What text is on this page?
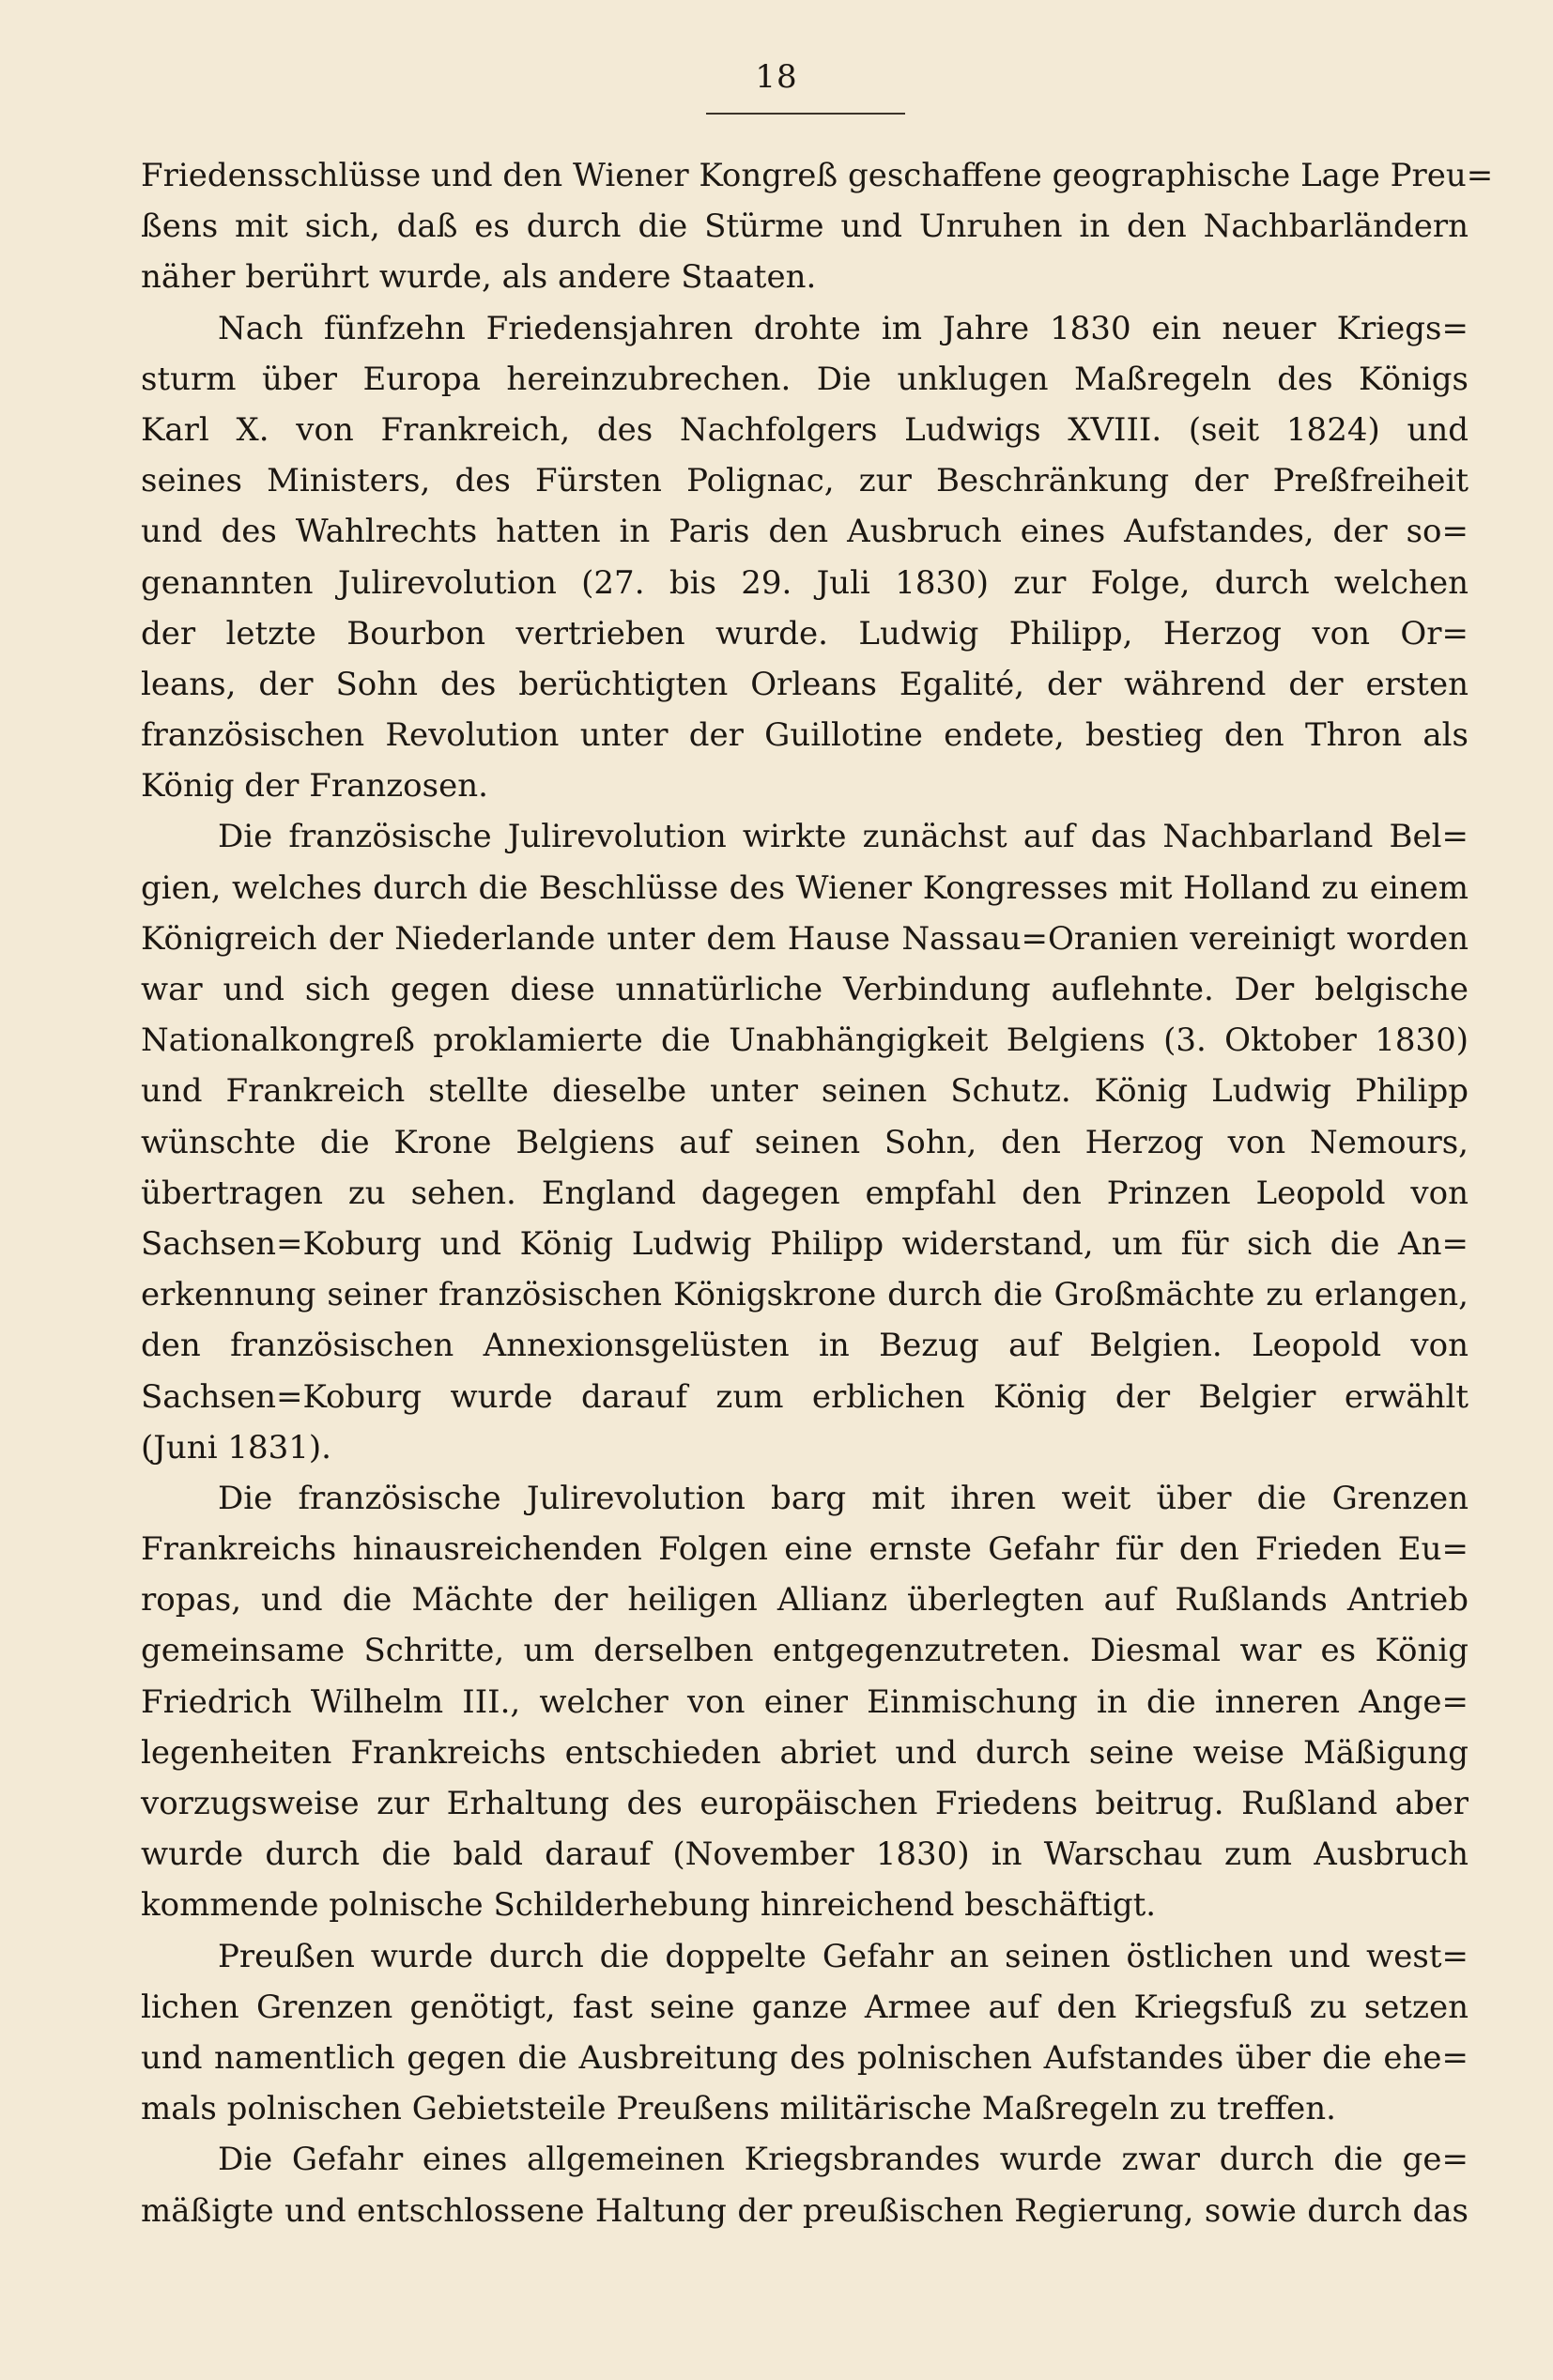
18
Friedensschlüsse und den Wiener Kongreß geschaffene geographische Lage Preu=
ßens mit sich, daß es durch die Stürme und Unruhen in den Nachbarländern
näher berührt wurde, als andere Staaten.
Nach fünfzehn Friedensjahren drohte im Jahre 1830 ein neuer Kriegs=
sturm über Europa hereinzubrechen. Die unklugen Maßregeln des Königs
Karl X. von Frankreich, des Nachfolgers Ludwigs XVIII. (seit 1824) und
seines Ministers, des Fürsten Polignac, zur Beschränkung der Preßfreiheit
und des Wahlrechts hatten in Paris den Ausbruch eines Aufstandes, der so=
genannten Julirevolution (27. bis 29. Juli 1830) zur Folge, durch welchen
der letzte Bourbon vertrieben wurde. Ludwig Philipp, Herzog von Or=
leans, der Sohn des berüchtigten Orleans Egalité, der während der ersten
französischen Revolution unter der Guillotine endete, bestieg den Thron als
König der Franzosen.
Die französische Julirevolution wirkte zunächst auf das Nachbarland Bel=
gien, welches durch die Beschlüsse des Wiener Kongresses mit Holland zu einem
Königreich der Niederlande unter dem Hause Nassau=Oranien vereinigt worden
war und sich gegen diese unnatürliche Verbindung auflehnte. Der belgische
Nationalkongreß proklamierte die Unabhängigkeit Belgiens (3. Oktober 1830)
und Frankreich stellte dieselbe unter seinen Schutz. König Ludwig Philipp
wünschte die Krone Belgiens auf seinen Sohn, den Herzog von Nemours,
übertragen zu sehen. England dagegen empfahl den Prinzen Leopold von
Sachsen=Koburg und König Ludwig Philipp widerstand, um für sich die An=
erkennung seiner französischen Königskrone durch die Großmächte zu erlangen,
den französischen Annexionsgelüsten in Bezug auf Belgien. Leopold von
Sachsen=Koburg wurde darauf zum erblichen König der Belgier erwählt
(Juni 1831).
Die französische Julirevolution barg mit ihren weit über die Grenzen
Frankreichs hinausreichenden Folgen eine ernste Gefahr für den Frieden Eu=
ropas, und die Mächte der heiligen Allianz überlegten auf Rußlands Antrieb
gemeinsame Schritte, um derselben entgegenzutreten. Diesmal war es König
Friedrich Wilhelm III., welcher von einer Einmischung in die inneren Ange=
legenheiten Frankreichs entschieden abriet und durch seine weise Mäßigung
vorzugsweise zur Erhaltung des europäischen Friedens beitrug. Rußland aber
wurde durch die bald darauf (November 1830) in Warschau zum Ausbruch
kommende polnische Schilderhebung hinreichend beschäftigt.
Preußen wurde durch die doppelte Gefahr an seinen östlichen und west=
lichen Grenzen genötigt, fast seine ganze Armee auf den Kriegsfuß zu setzen
und namentlich gegen die Ausbreitung des polnischen Aufstandes über die ehe=
mals polnischen Gebietsteile Preußens militärische Maßregeln zu treffen.
Die Gefahr eines allgemeinen Kriegsbrandes wurde zwar durch die ge=
mäßigte und entschlossene Haltung der preußischen Regierung, sowie durch das
